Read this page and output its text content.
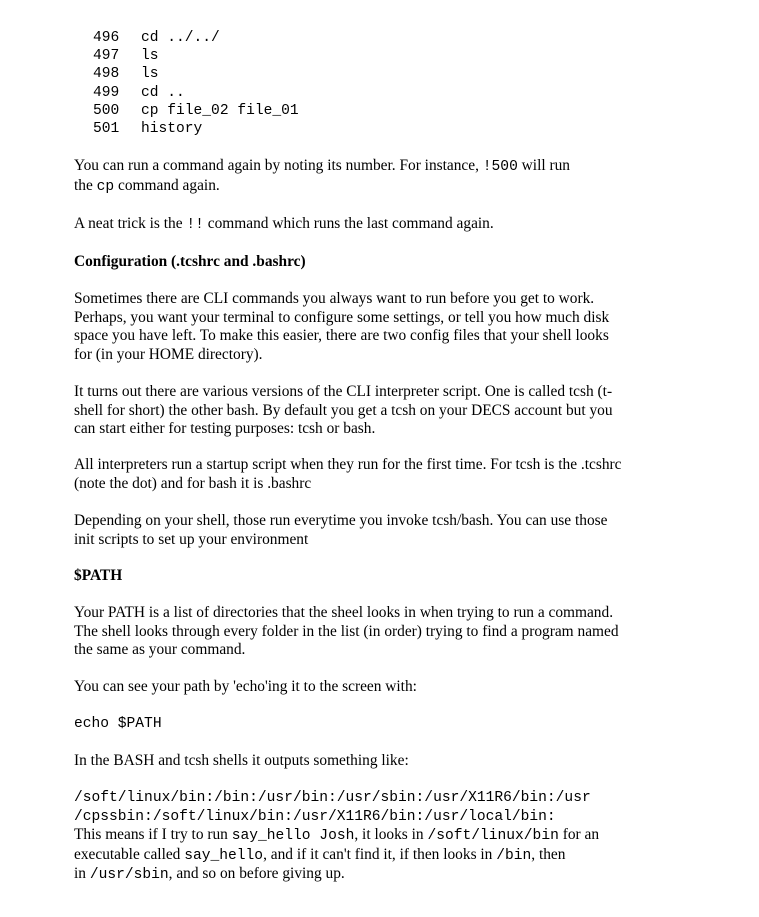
496 cd ../../
497 ls
498 ls
499 cd ..
500 cp file_02 file_01
501 history

You can run a command again by noting its number. For instance, !500 will run

the cp command again.

A neat trick is the !! command which runs the last command again.

Configuration (.tcshrc and .bashrc)

Sometimes there are CLI commands you always want to run before you get to work.

Perhaps, you want your terminal to configure some settings, or tell you how much disk

space you have left. To make this easier, there are two config files that your shell looks

for (in your HOME directory).

It turns out there are various versions of the CLI interpreter script. One is called tcsh (t-

shell for short) the other bash. By default you get a tcsh on your DECS account but you

can start either for testing purposes: tcsh or bash.

All interpreters run a startup script when they run for the first time. For tcsh is the .tcshrc

(note the dot) and for bash it is .bashrc

Depending on your shell, those run everytime you invoke tcsh/bash. You can use those

init scripts to set up your environment

$PATH

Your PATH is a list of directories that the sheel looks in when trying to run a command.

The shell looks through every folder in the list (in order) trying to find a program named

the same as your command.

You can see your path by 'echo'ing it to the screen with:
echo $PATH
In the BASH and tcsh shells it outputs something like:

/soft/linux/bin:/bin:/usr/bin:/usr/sbin:/usr/X11R6/bin:/usr

/cpssbin:/soft/linux/bin:/usr/X11R6/bin:/usr/local/bin:

This means if I try to run say_hello Josh, it looks in /soft/linux/bin for an

executable called say_hello, and if it can't find it, if then looks in /bin, then

in /usr/sbin, and so on before giving up.
